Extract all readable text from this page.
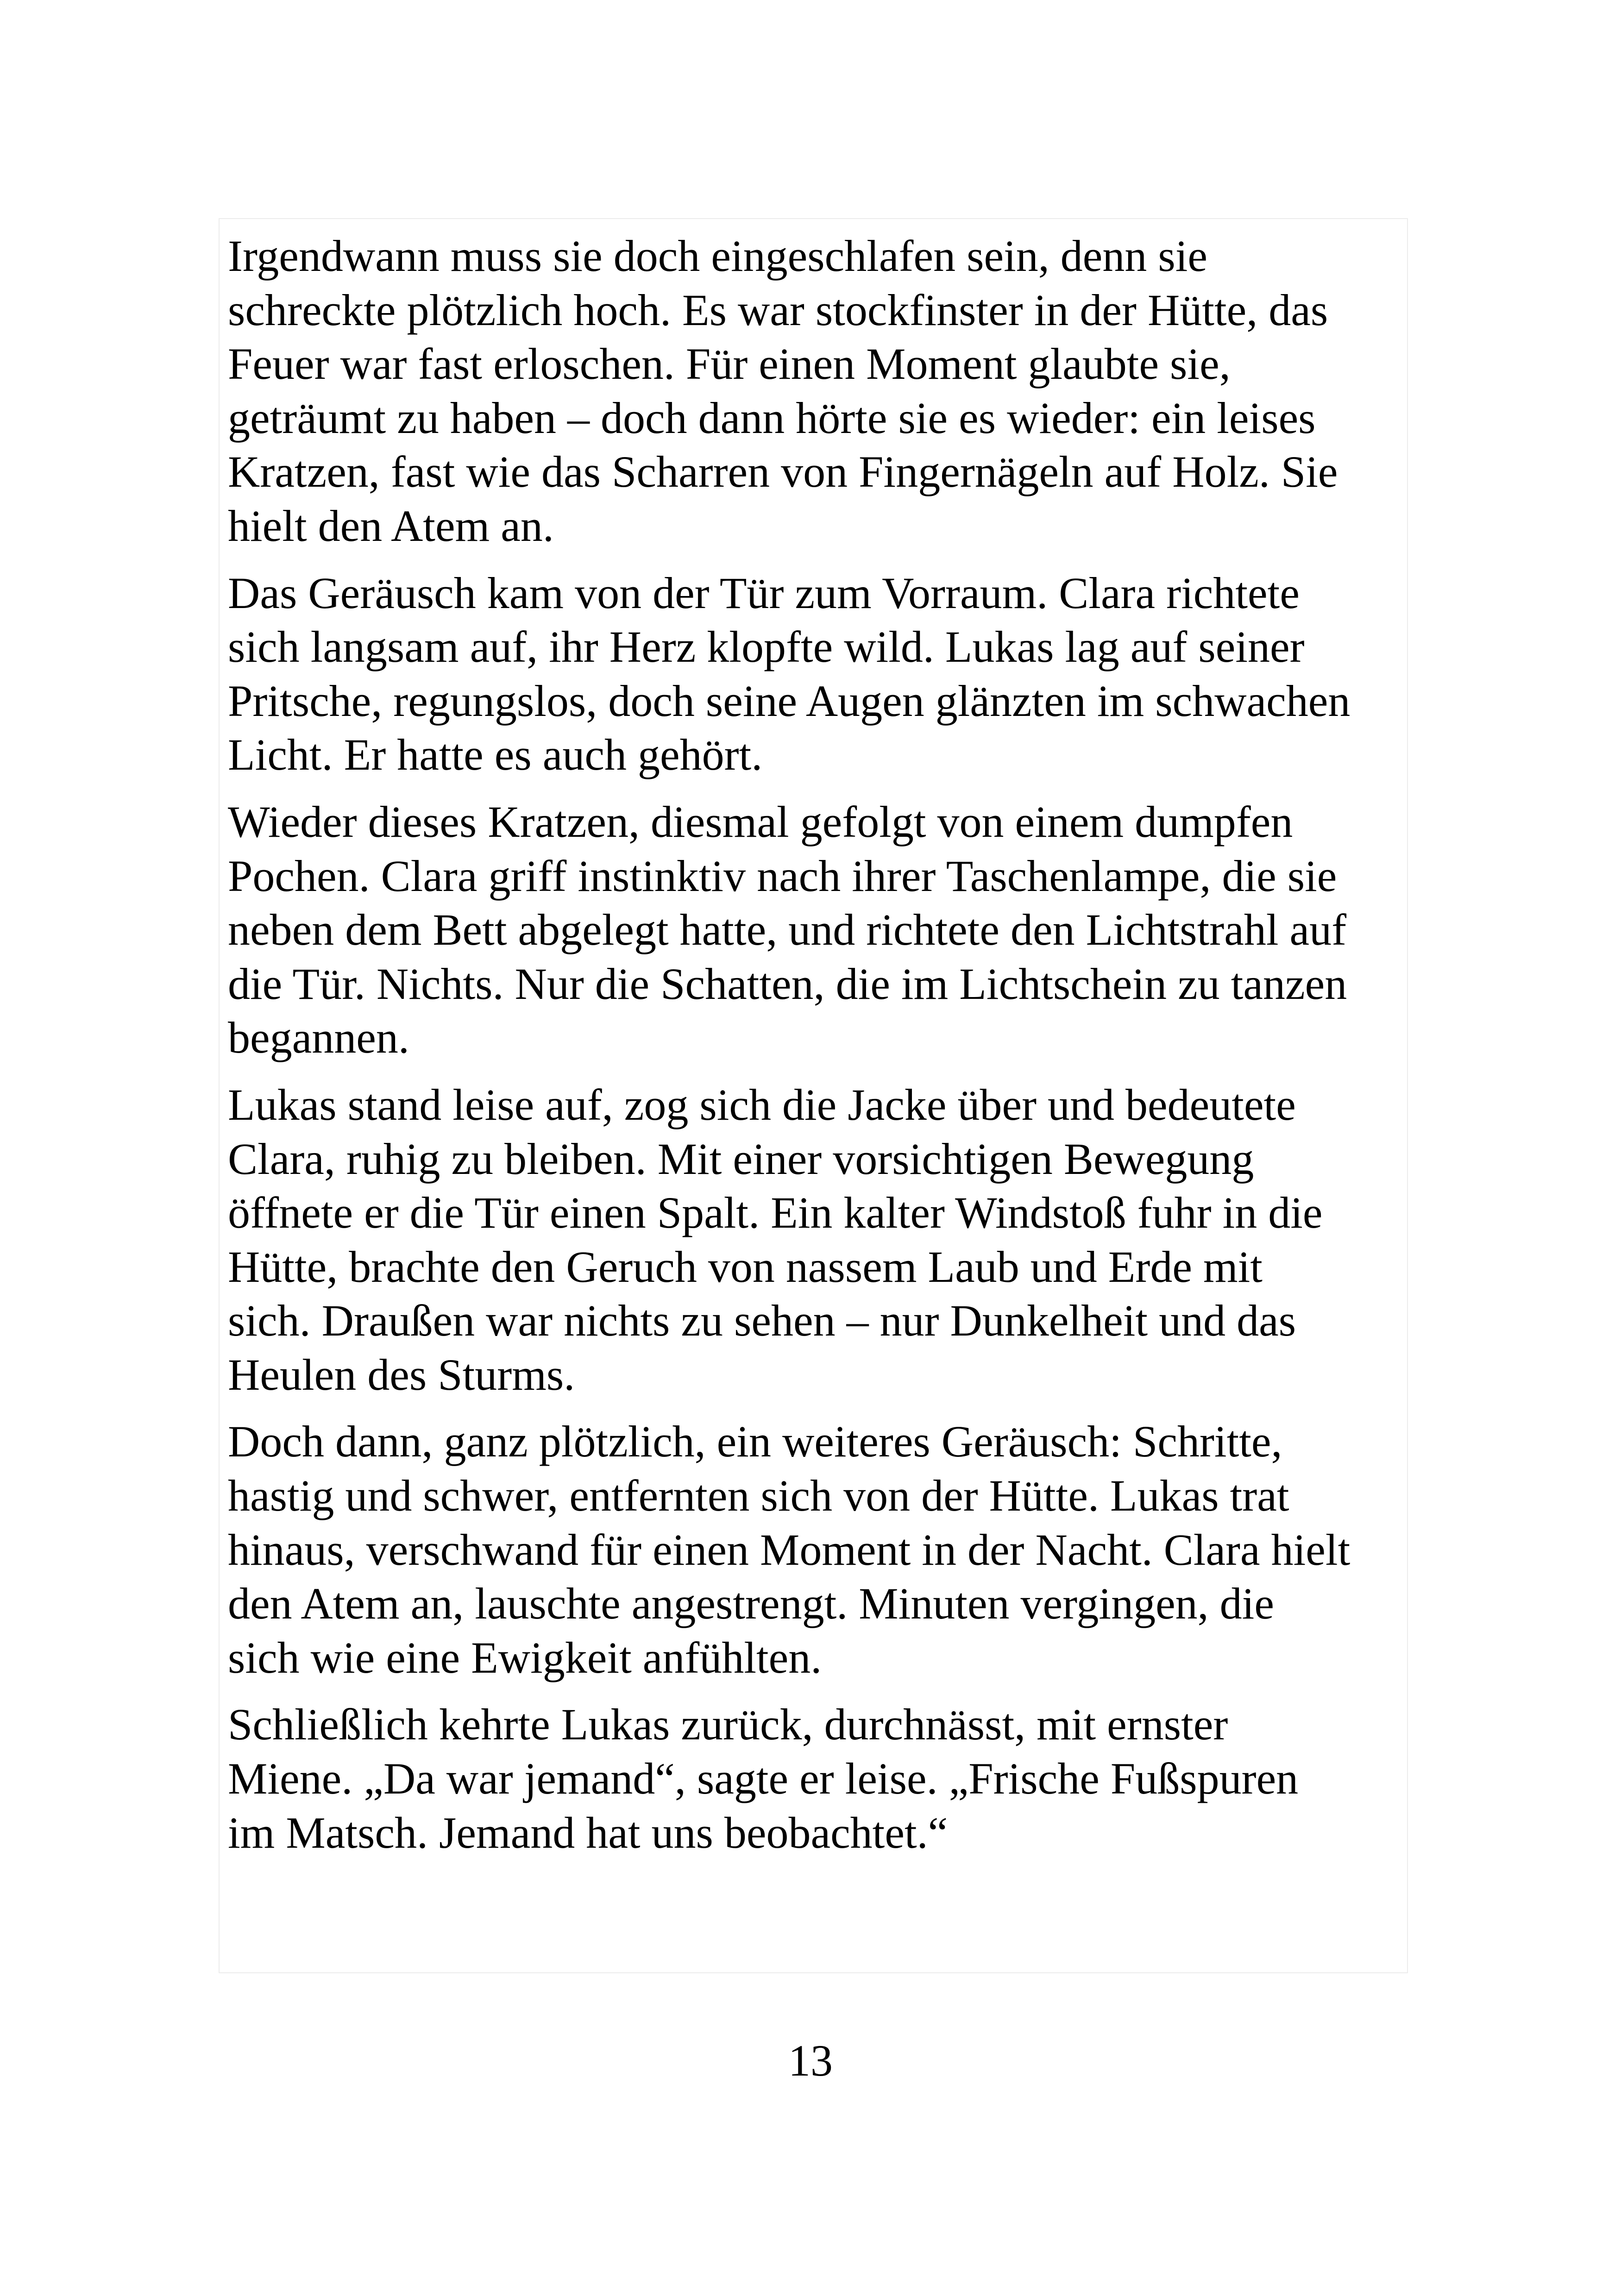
Irgendwann muss sie doch eingeschlafen sein, denn sie
schreckte plötzlich hoch. Es war stockfinster in der Hütte, das
Feuer war fast erloschen. Für einen Moment glaubte sie,
geträumt zu haben – doch dann hörte sie es wieder: ein leises
Kratzen, fast wie das Scharren von Fingernägeln auf Holz. Sie
hielt den Atem an.

Das Geräusch kam von der Tür zum Vorraum. Clara richtete
sich langsam auf, ihr Herz klopfte wild. Lukas lag auf seiner
Pritsche, regungslos, doch seine Augen glänzten im schwachen
Licht. Er hatte es auch gehört.

Wieder dieses Kratzen, diesmal gefolgt von einem dumpfen
Pochen. Clara griff instinktiv nach ihrer Taschenlampe, die sie
neben dem Bett abgelegt hatte, und richtete den Lichtstrahl auf
die Tür. Nichts. Nur die Schatten, die im Lichtschein zu tanzen
begannen.

Lukas stand leise auf, zog sich die Jacke über und bedeutete
Clara, ruhig zu bleiben. Mit einer vorsichtigen Bewegung
öffnete er die Tür einen Spalt. Ein kalter Windstoß fuhr in die
Hütte, brachte den Geruch von nassem Laub und Erde mit
sich. Draußen war nichts zu sehen – nur Dunkelheit und das
Heulen des Sturms.

Doch dann, ganz plötzlich, ein weiteres Geräusch: Schritte,
hastig und schwer, entfernten sich von der Hütte. Lukas trat
hinaus, verschwand für einen Moment in der Nacht. Clara hielt
den Atem an, lauschte angestrengt. Minuten vergingen, die
sich wie eine Ewigkeit anfühlten.

Schließlich kehrte Lukas zurück, durchnässt, mit ernster
Miene. „Da war jemand“, sagte er leise. „Frische Fußspuren
im Matsch. Jemand hat uns beobachtet.“

13
